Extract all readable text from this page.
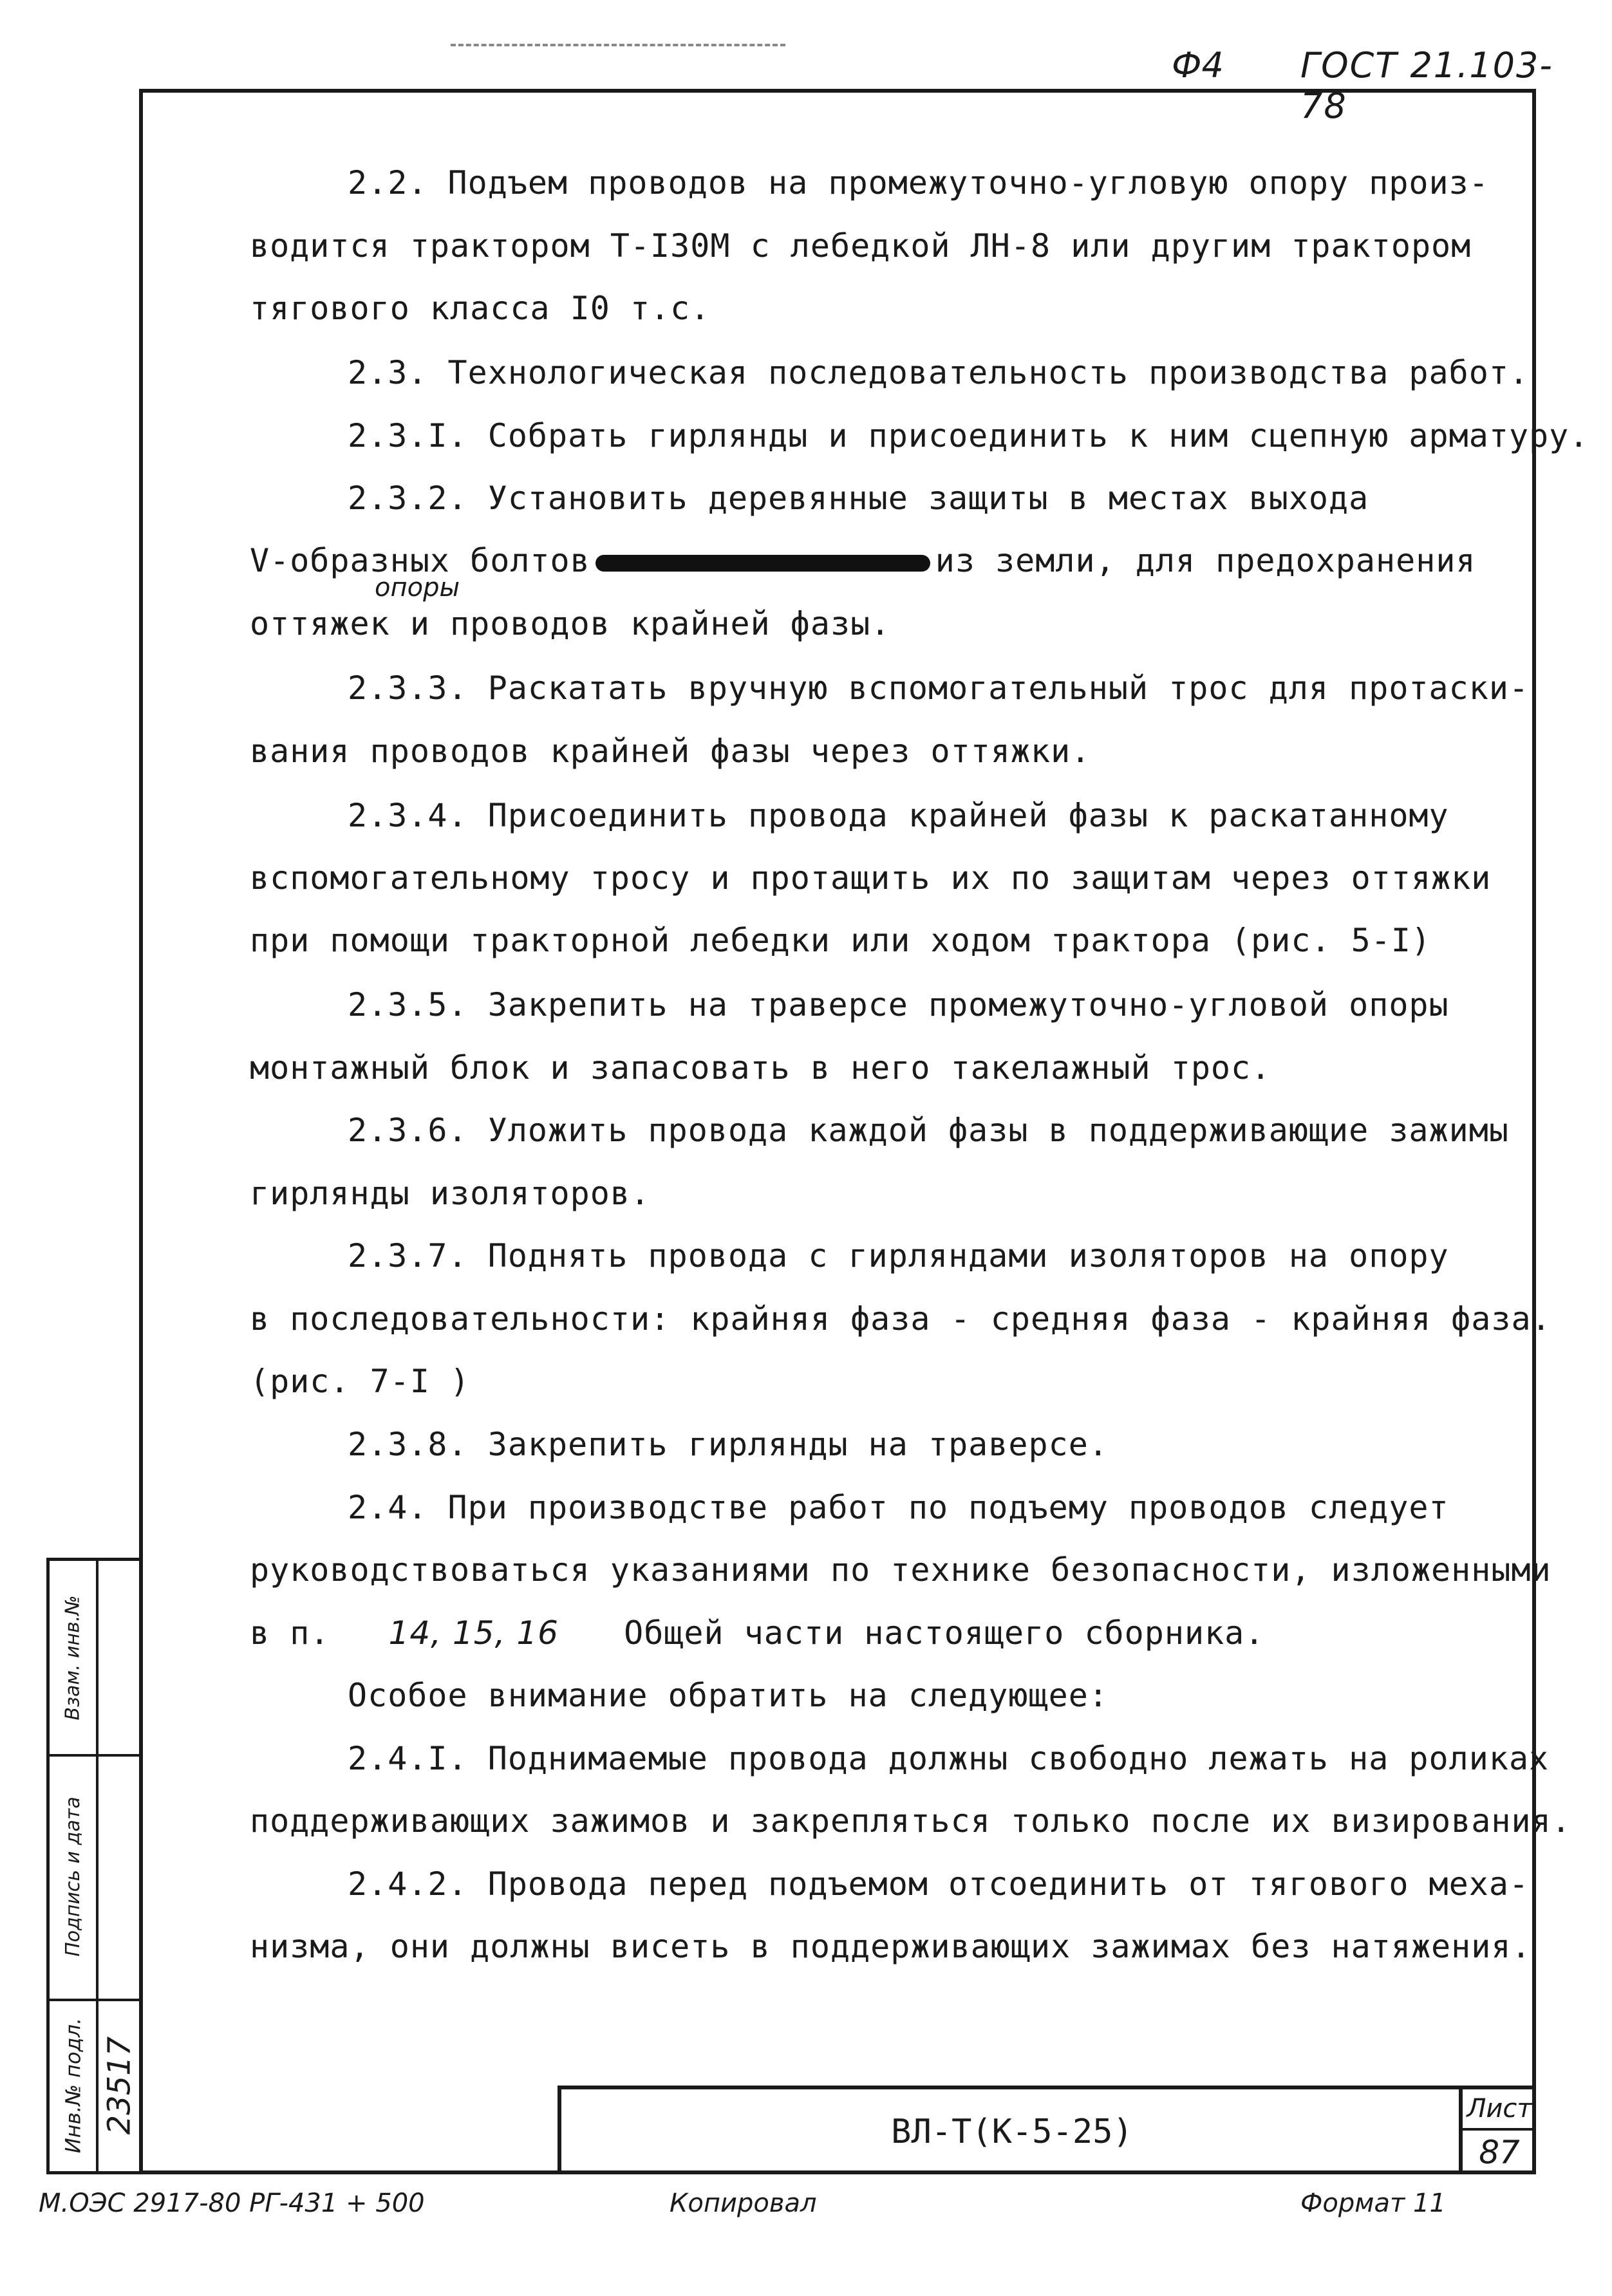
Ф4 ГОСТ 21.103-78
2.2. Подъем проводов на промежуточно-угловую опору произ-
водится трактором Т-I30М с лебедкой ЛН-8 или другим трактором
тягового класса I0 т.с.
2.3. Технологическая последовательность производства работ.
2.3.I. Собрать гирлянды и присоединить к ним сцепную арматуру.
2.3.2. Установить деревянные защиты в местах выхода
V-образных болтов	из земли, для предохранения
опоры
оттяжек и проводов крайней фазы.
2.3.3. Раскатать вручную вспомогательный трос для протаски-
вания проводов крайней фазы через оттяжки.
2.3.4. Присоединить провода крайней фазы к раскатанному
вспомогательному тросу и протащить их по защитам через оттяжки
при помощи тракторной лебедки или ходом трактора (рис. 5-I)
2.3.5. Закрепить на траверсе промежуточно-угловой опоры
монтажный блок и запасовать в него такелажный трос.
2.3.6. Уложить провода каждой фазы в поддерживающие зажимы
гирлянды изоляторов.
2.3.7. Поднять провода с гирляндами изоляторов на опору
в последовательности: крайняя фаза - средняя фаза - крайняя фаза.
(рис. 7-I )
2.3.8. Закрепить гирлянды на траверсе.
2.4. При производстве работ по подъему проводов следует
руководствоваться указаниями по технике безопасности, изложенными
в п. 14, 15, 16 Общей части настоящего сборника.
Особое внимание обратить на следующее:
2.4.I. Поднимаемые провода должны свободно лежать на роликах
поддерживающих зажимов и закрепляться только после их визирования.
2.4.2. Провода перед подъемом отсоединить от тягового меха-
низма, они должны висеть в поддерживающих зажимах без натяжения.
ВЛ-Т(К-5-25)
Лист
87
Взам. инв.№
Подпись и дата
Инв.№ подл. 23517
М.ОЭС 2917-80 РГ-431 + 500	Копировал	Формат 11
